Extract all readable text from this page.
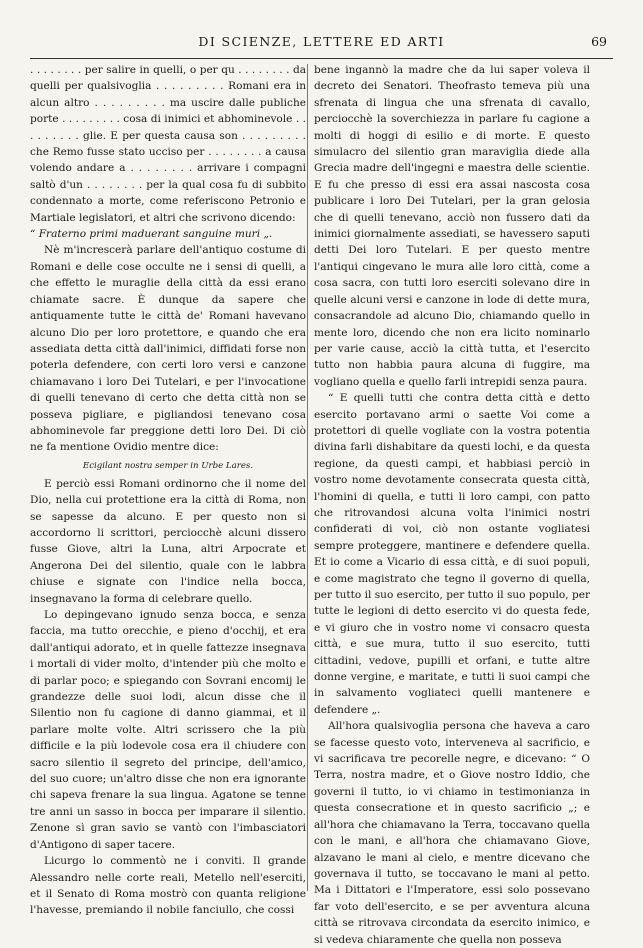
DI SCIENZE, LETTERE ED ARTI	69

. . . . . . . . per salire in quelli, o per qu . . . . . . . . da quelli per qualsivoglia . . . . . . . . . Romani era in alcun altro . . . . . . . . . ma uscire dalle publiche porte . . . . . . . . . cosa di inimici et abhominevole . . . . . . . . . glie. E per questa causa son . . . . . . . . . che Remo fusse stato ucciso per . . . . . . . . a causa volendo andare a . . . . . . . . arrivare i compagni saltò d'un . . . . . . . . per la qual cosa fu di subbito condennato a morte, come referiscono Petronio e Martiale legislatori, et altri che scrivono dicendo:

“ Fraterno primi maduerant sanguine muri „.

Nè m'increscerà parlare dell'antiquo costume di Romani e delle cose occulte ne i sensi di quelli, a che effetto le muraglie della città da essi erano chiamate sacre. È dunque da sapere che antiquamente tutte le città de' Romani havevano alcuno Dio per loro protettore, e quando che era assediata detta città dall'inimici, diffidati forse non poterla defendere, con certi loro versi e canzone chiamavano i loro Dei Tutelari, e per l'invocatione di quelli tenevano di certo che detta città non se posseva pigliare, e pigliandosi tenevano cosa abhominevole far preggione detti loro Dei. Di ciò ne fa mentione Ovidio mentre dice:

Ecigilant nostra semper in Urbe Lares.

E perciò essi Romani ordinorno che il nome del Dio, nella cui protettione era la città di Roma, non se sapesse da alcuno. E per questo non si accordorno li scrittori, perciocchè alcuni dissero fusse Giove, altri la Luna, altri Arpocrate et Angerona Dei del silentio, quale con le labbra chiuse e signate con l'indice nella bocca, insegnavano la forma di celebrare quello.

Lo depingevano ignudo senza bocca, e senza faccia, ma tutto orecchie, e pieno d'occhij, et era dall'antiqui adorato, et in quelle fattezze insegnava i mortali di vider molto, d'intender più che molto e di parlar poco; e spiegando con Sovrani encomij le grandezze delle suoi lodi, alcun disse che il Silentio non fu cagione di danno giammai, et il parlare molte volte. Altri scrissero che la più difficile e la più lodevole cosa era il chiudere con sacro silentio il segreto del principe, dell'amico, del suo cuore; un'altro disse che non era ignorante chi sapeva frenare la sua lingua. Agatone se tenne tre anni un sasso in bocca per imparare il silentio. Zenone sì gran savio se vantò con l'imbasciatori d'Antigono di saper tacere.

Licurgo lo commentò ne i conviti. Il grande Alessandro nelle corte reali, Metello nell'eserciti, et il Senato di Roma mostrò con quanta religione l'havesse, premiando il nobile fanciullo, che cossi

bene ingannò la madre che da lui saper voleva il decreto dei Senatori. Theofrasto temeva più una sfrenata di lingua che una sfrenata di cavallo, perciocchè la soverchiezza in parlare fu cagione a molti di hoggi di esilio e di morte. E questo simulacro del silentio gran maraviglia diede alla Grecia madre dell'ingegni e maestra delle scientie. E fu che presso di essi era assai nascosta cosa publicare i loro Dei Tutelari, per la gran gelosia che di quelli tenevano, acciò non fussero dati da inimici giornalmente assediati, se havessero saputi detti Dei loro Tutelari. E per questo mentre l'antiqui cingevano le mura alle loro città, come a cosa sacra, con tutti loro eserciti solevano dire in quelle alcuni versi e canzone in lode di dette mura, consacrandole ad alcuno Dio, chiamando quello in mente loro, dicendo che non era licito nominarlo per varie cause, acciò la città tutta, et l'esercito tutto non habbia paura alcuna di fuggire, ma vogliano quella e quello farli intrepidi senza paura.

“ E quelli tutti che contra detta città e detto esercito portavano armi o saette Voi come a protettori di quelle vogliate con la vostra potentia divina farli dishabitare da questi lochi, e da questa regione, da questi campi, et habbiasi perciò in vostro nome devotamente consecrata questa città, l'homini di quella, e tutti li loro campi, con patto che ritrovandosi alcuna volta l'inimici nostri confiderati di voi, ciò non ostante vogliatesi sempre proteggere, mantinere e defendere quella. Et io come a Vicario di essa città, e di suoi populi, e come magistrato che tegno il governo di quella, per tutto il suo esercito, per tutto il suo populo, per tutte le legioni di detto esercito vi do questa fede, e vi giuro che in vostro nome vi consacro questa città, e sue mura, tutto il suo esercito, tutti cittadini, vedove, pupilli et orfani, e tutte altre donne vergine, e maritate, e tutti li suoi campi che in salvamento vogliateci quelli mantenere e defendere „.

All'hora qualsivoglia persona che haveva a caro se facesse questo voto, interveneva al sacrificio, e vi sacrificava tre pecorelle negre, e dicevano: “ O Terra, nostra madre, et o Giove nostro Iddio, che governi il tutto, io vi chiamo in testimonianza in questa consecratione et in questo sacrificio „; e all'hora che chiamavano la Terra, toccavano quella con le mani, e all'hora che chiamavano Giove, alzavano le mani al cielo, e mentre dicevano che governava il tutto, se toccavano le mani al petto. Ma i Dittatori e l'Imperatore, essi solo possevano far voto dell'esercito, e se per avventura alcuna città se ritrovava circondata da esercito inimico, e si vedeva chiaramente che quella non posseva
